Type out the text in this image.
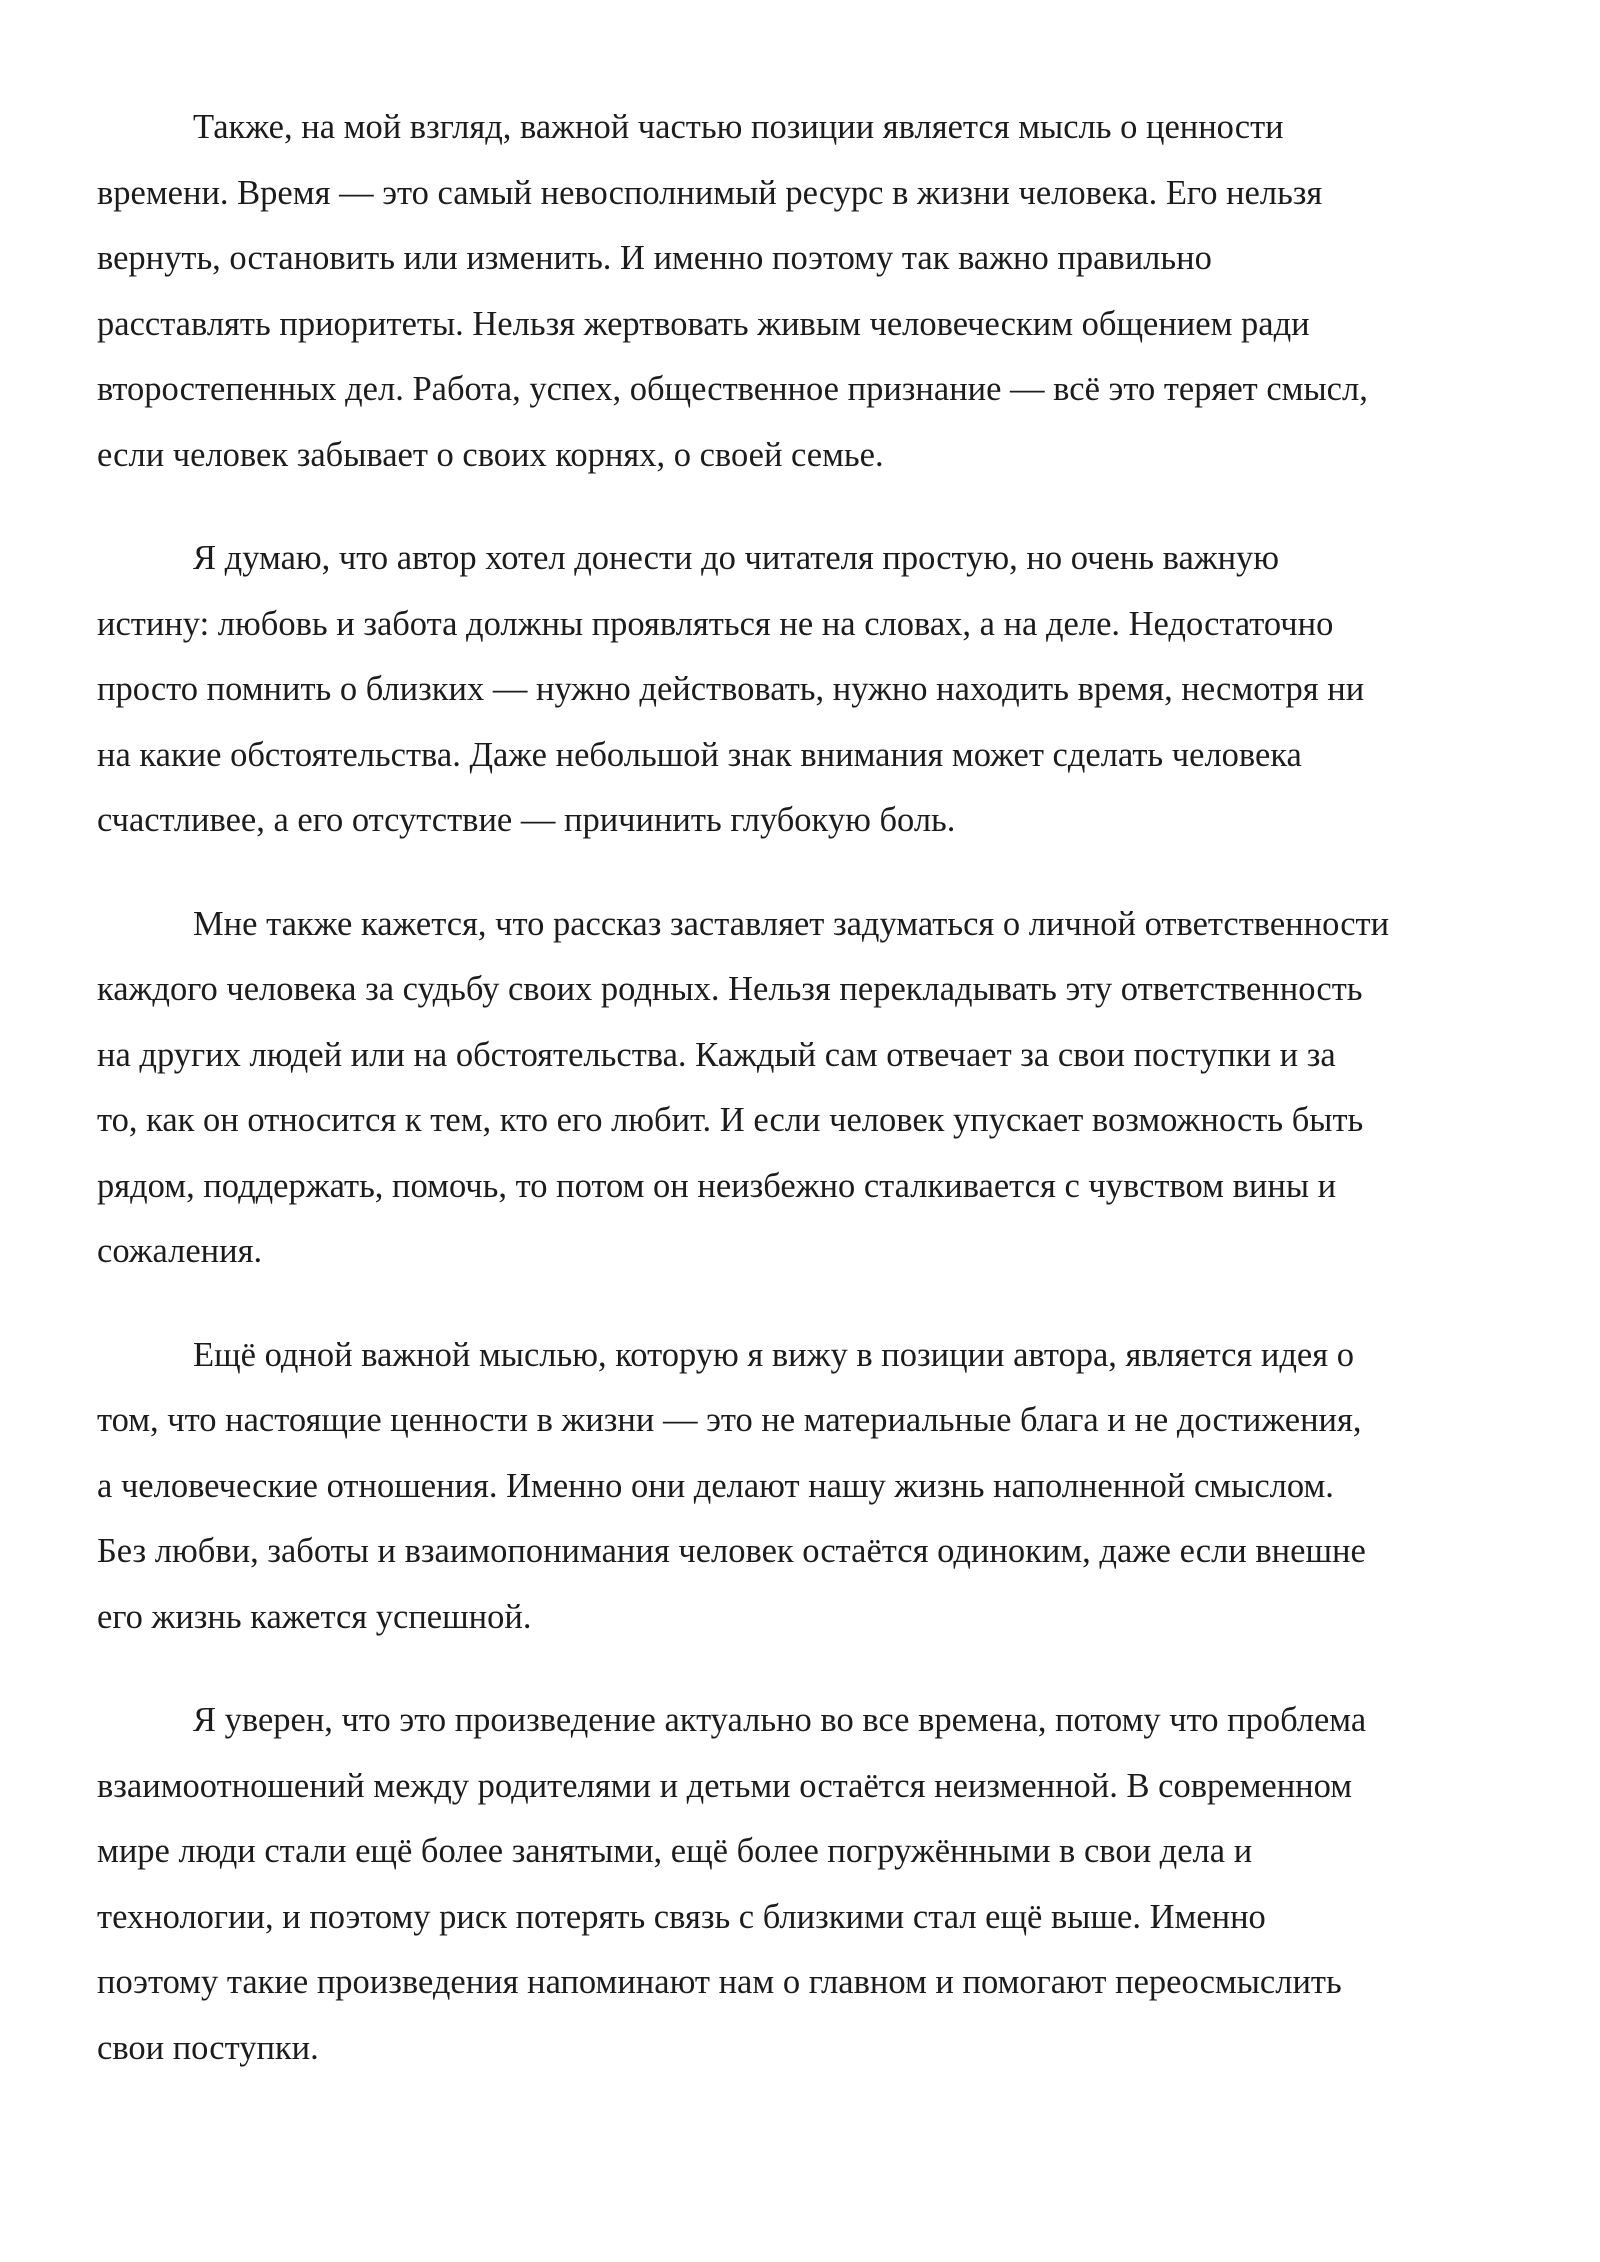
Также, на мой взгляд, важной частью позиции является мысль о ценности
времени. Время — это самый невосполнимый ресурс в жизни человека. Его нельзя
вернуть, остановить или изменить. И именно поэтому так важно правильно
расставлять приоритеты. Нельзя жертвовать живым человеческим общением ради
второстепенных дел. Работа, успех, общественное признание — всё это теряет смысл,
если человек забывает о своих корнях, о своей семье.
Я думаю, что автор хотел донести до читателя простую, но очень важную
истину: любовь и забота должны проявляться не на словах, а на деле. Недостаточно
просто помнить о близких — нужно действовать, нужно находить время, несмотря ни
на какие обстоятельства. Даже небольшой знак внимания может сделать человека
счастливее, а его отсутствие — причинить глубокую боль.
Мне также кажется, что рассказ заставляет задуматься о личной ответственности
каждого человека за судьбу своих родных. Нельзя перекладывать эту ответственность
на других людей или на обстоятельства. Каждый сам отвечает за свои поступки и за
то, как он относится к тем, кто его любит. И если человек упускает возможность быть
рядом, поддержать, помочь, то потом он неизбежно сталкивается с чувством вины и
сожаления.
Ещё одной важной мыслью, которую я вижу в позиции автора, является идея о
том, что настоящие ценности в жизни — это не материальные блага и не достижения,
а человеческие отношения. Именно они делают нашу жизнь наполненной смыслом.
Без любви, заботы и взаимопонимания человек остаётся одиноким, даже если внешне
его жизнь кажется успешной.
Я уверен, что это произведение актуально во все времена, потому что проблема
взаимоотношений между родителями и детьми остаётся неизменной. В современном
мире люди стали ещё более занятыми, ещё более погружёнными в свои дела и
технологии, и поэтому риск потерять связь с близкими стал ещё выше. Именно
поэтому такие произведения напоминают нам о главном и помогают переосмыслить
свои поступки.
